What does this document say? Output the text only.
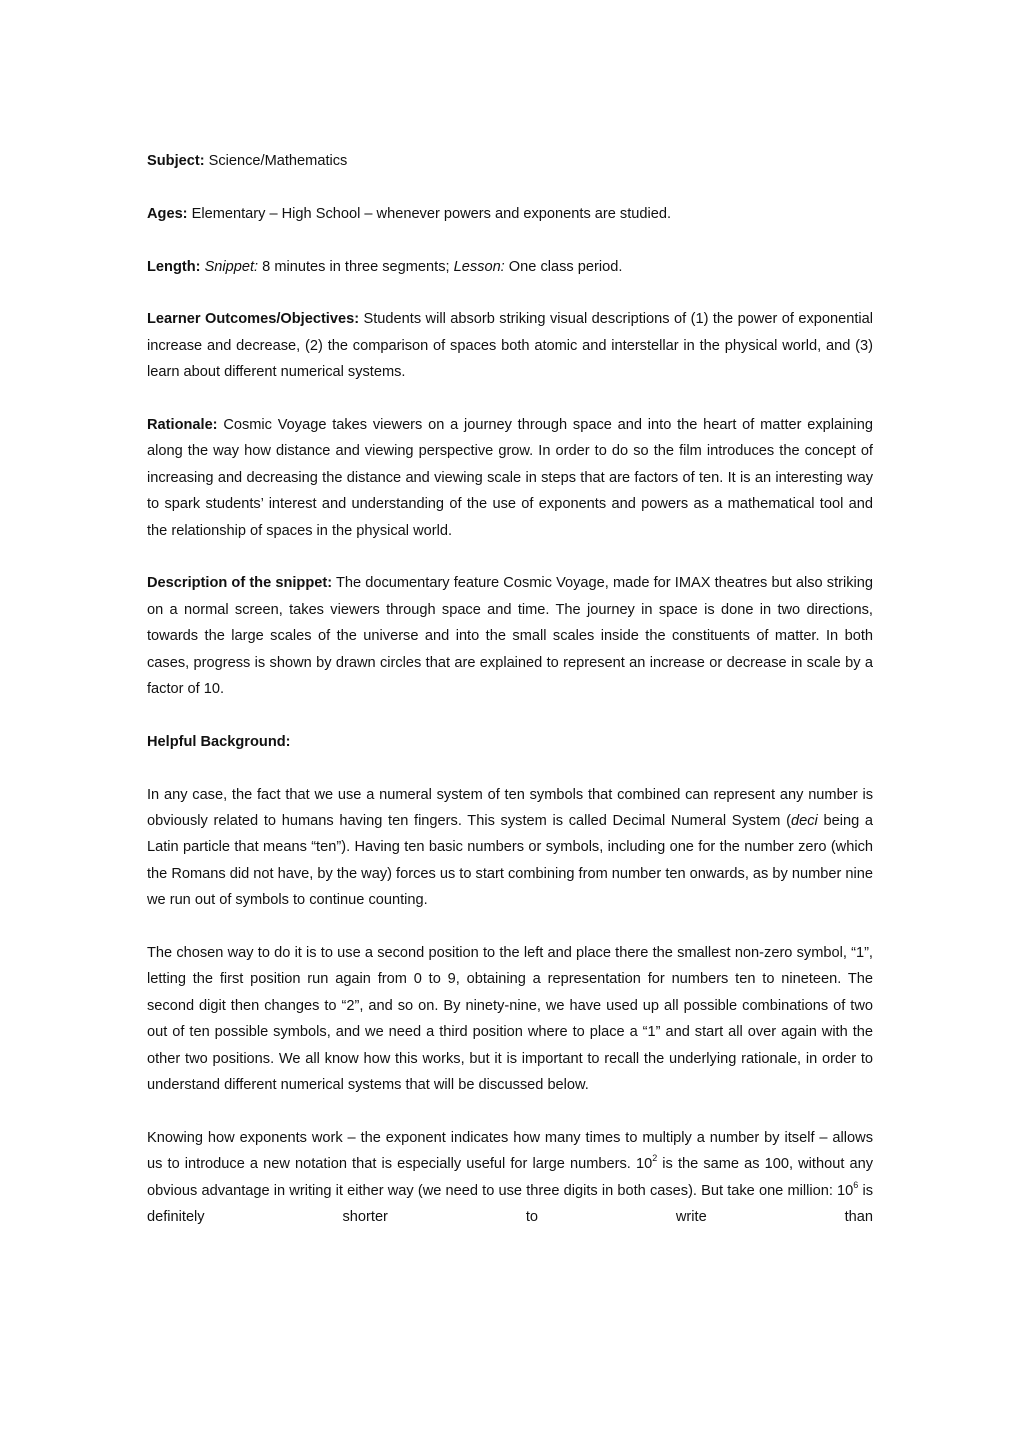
Subject: Science/Mathematics

Ages: Elementary – High School – whenever powers and exponents are studied.

Length: Snippet: 8 minutes in three segments; Lesson: One class period.

Learner Outcomes/Objectives: Students will absorb striking visual descriptions of (1) the power of exponential increase and decrease, (2) the comparison of spaces both atomic and interstellar in the physical world, and (3) learn about different numerical systems.

Rationale: Cosmic Voyage takes viewers on a journey through space and into the heart of matter explaining along the way how distance and viewing perspective grow. In order to do so the film introduces the concept of increasing and decreasing the distance and viewing scale in steps that are factors of ten. It is an interesting way to spark students’ interest and understanding of the use of exponents and powers as a mathematical tool and the relationship of spaces in the physical world.

Description of the snippet: The documentary feature Cosmic Voyage, made for IMAX theatres but also striking on a normal screen, takes viewers through space and time. The journey in space is done in two directions, towards the large scales of the universe and into the small scales inside the constituents of matter. In both cases, progress is shown by drawn circles that are explained to represent an increase or decrease in scale by a factor of 10.

Helpful Background:

In any case, the fact that we use a numeral system of ten symbols that combined can represent any number is obviously related to humans having ten fingers. This system is called Decimal Numeral System (deci being a Latin particle that means “ten”). Having ten basic numbers or symbols, including one for the number zero (which the Romans did not have, by the way) forces us to start combining from number ten onwards, as by number nine we run out of symbols to continue counting.

The chosen way to do it is to use a second position to the left and place there the smallest non-zero symbol, “1”, letting the first position run again from 0 to 9, obtaining a representation for numbers ten to nineteen. The second digit then changes to “2”, and so on. By ninety-nine, we have used up all possible combinations of two out of ten possible symbols, and we need a third position where to place a “1” and start all over again with the other two positions. We all know how this works, but it is important to recall the underlying rationale, in order to understand different numerical systems that will be discussed below.

Knowing how exponents work – the exponent indicates how many times to multiply a number by itself – allows us to introduce a new notation that is especially useful for large numbers. $10^2$ is the same as 100, without any obvious advantage in writing it either way (we need to use three digits in both cases). But take one million: $10^6$ is definitely shorter to write than
